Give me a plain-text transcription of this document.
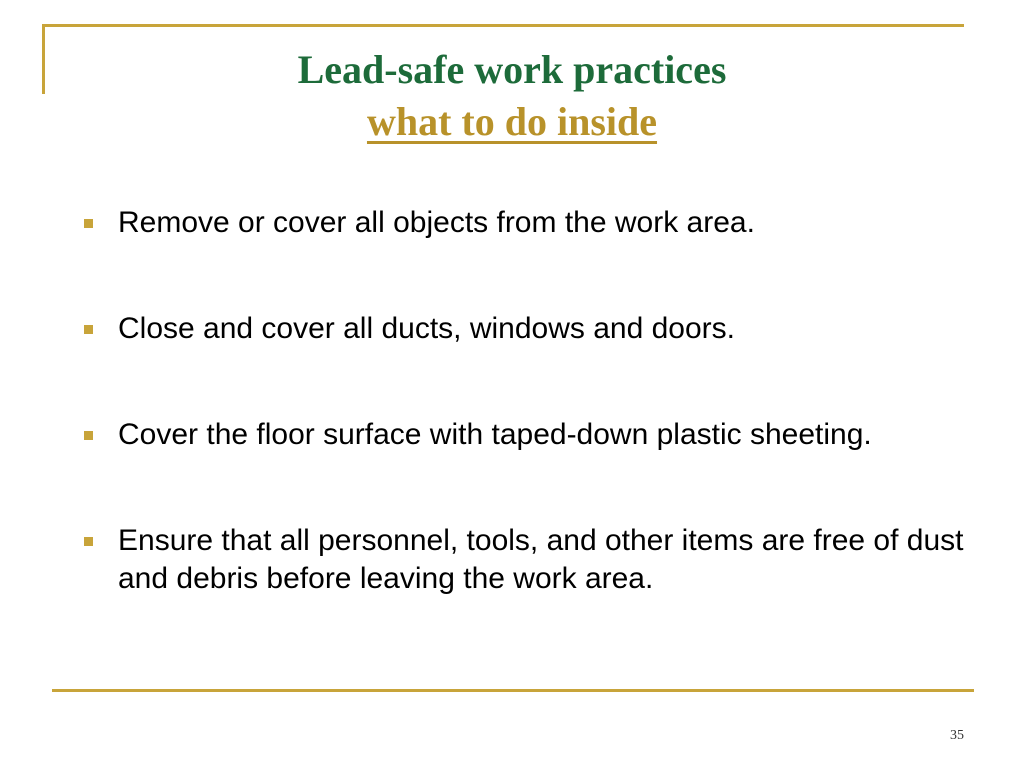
Lead-safe work practices
what to do inside
Remove or cover all objects from the work area.
Close and cover all ducts, windows and doors.
Cover the floor surface with taped-down plastic sheeting.
Ensure that all personnel, tools, and other items are free of dust and debris before leaving the work area.
35
